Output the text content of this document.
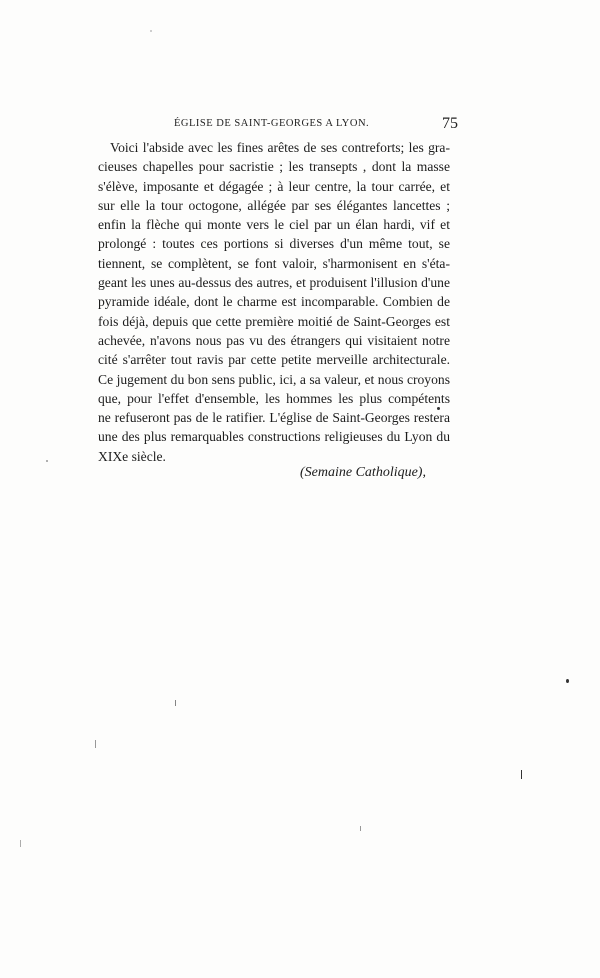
ÉGLISE DE SAINT-GEORGES A LYON.	75
Voici l'abside avec les fines arêtes de ses contreforts; les gra-
cieuses chapelles pour sacristie ; les transepts , dont la masse
s'élève, imposante et dégagée ; à leur centre, la tour carrée, et
sur elle la tour octogone, allégée par ses élégantes lancettes ;
enfin la flèche qui monte vers le ciel par un élan hardi, vif et
prolongé : toutes ces portions si diverses d'un même tout, se
tiennent, se complètent, se font valoir, s'harmonisent en s'éta-
geant les unes au-dessus des autres, et produisent l'illusion d'une
pyramide idéale, dont le charme est incomparable. Combien de
fois déjà, depuis que cette première moitié de Saint-Georges est
achevée, n'avons nous pas vu des étrangers qui visitaient notre
cité s'arrêter tout ravis par cette petite merveille architecturale.
Ce jugement du bon sens public, ici, a sa valeur, et nous croyons
que, pour l'effet d'ensemble, les hommes les plus compétents
ne refuseront pas de le ratifier. L'église de Saint-Georges restera
une des plus remarquables constructions religieuses du Lyon du
XIXe siècle.
(Semaine Catholique),
